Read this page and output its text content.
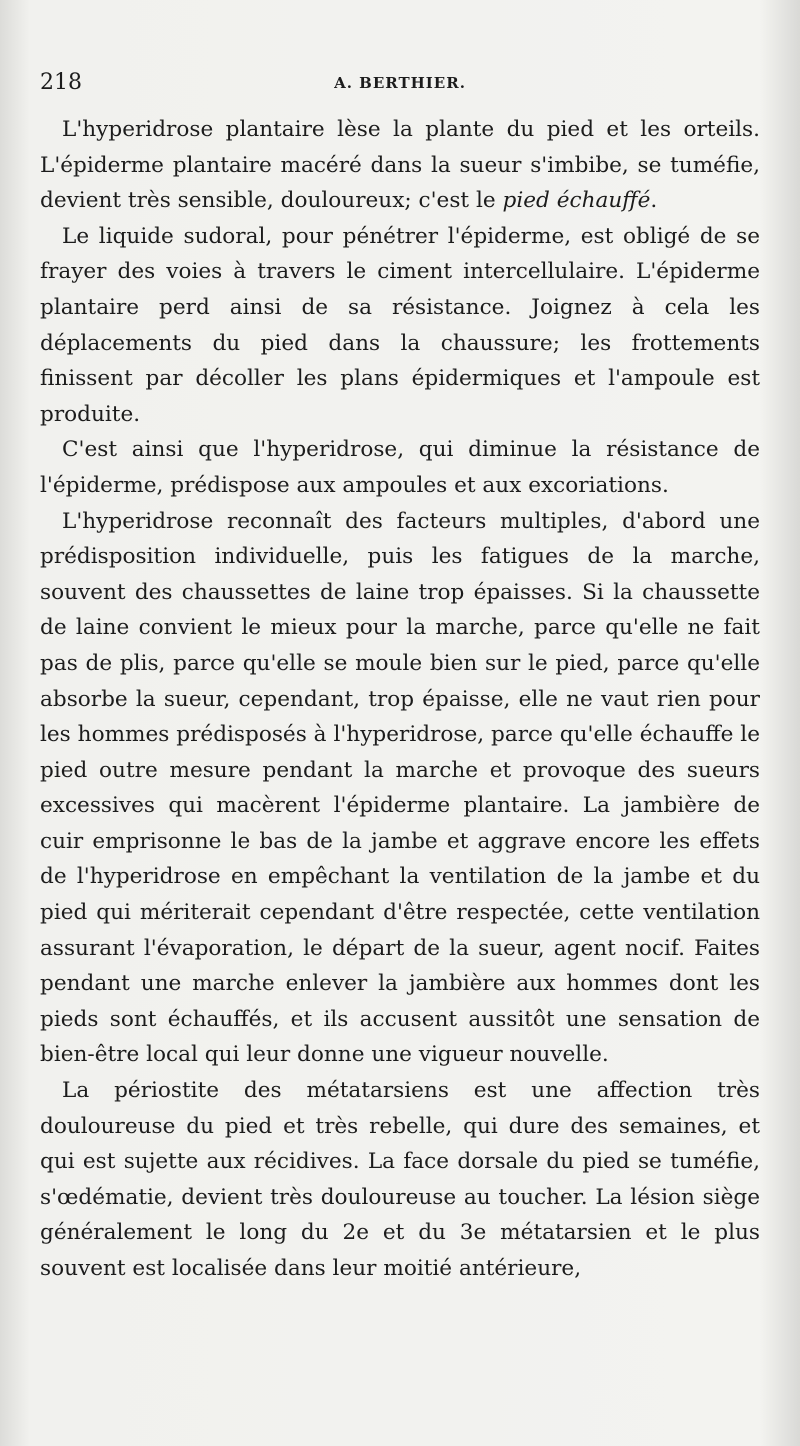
218	A. BERTHIER.

L'hyperidrose plantaire lèse la plante du pied et les orteils. L'épiderme plantaire macéré dans la sueur s'imbibe, se tuméfie, devient très sensible, douloureux; c'est le pied échauffé.

Le liquide sudoral, pour pénétrer l'épiderme, est obligé de se frayer des voies à travers le ciment intercellulaire. L'épiderme plantaire perd ainsi de sa résistance. Joignez à cela les déplacements du pied dans la chaussure; les frottements finissent par décoller les plans épidermiques et l'ampoule est produite.

C'est ainsi que l'hyperidrose, qui diminue la résistance de l'épiderme, prédispose aux ampoules et aux excoriations.

L'hyperidrose reconnaît des facteurs multiples, d'abord une prédisposition individuelle, puis les fatigues de la marche, souvent des chaussettes de laine trop épaisses. Si la chaussette de laine convient le mieux pour la marche, parce qu'elle ne fait pas de plis, parce qu'elle se moule bien sur le pied, parce qu'elle absorbe la sueur, cependant, trop épaisse, elle ne vaut rien pour les hommes prédisposés à l'hyperidrose, parce qu'elle échauffe le pied outre mesure pendant la marche et provoque des sueurs excessives qui macèrent l'épiderme plantaire. La jambière de cuir emprisonne le bas de la jambe et aggrave encore les effets de l'hyperidrose en empêchant la ventilation de la jambe et du pied qui mériterait cependant d'être respectée, cette ventilation assurant l'évaporation, le départ de la sueur, agent nocif. Faites pendant une marche enlever la jambière aux hommes dont les pieds sont échauffés, et ils accusent aussitôt une sensation de bien-être local qui leur donne une vigueur nouvelle.

La périostite des métatarsiens est une affection très douloureuse du pied et très rebelle, qui dure des semaines, et qui est sujette aux récidives. La face dorsale du pied se tuméfie, s'œdématie, devient très douloureuse au toucher. La lésion siège généralement le long du 2e et du 3e métatarsien et le plus souvent est localisée dans leur moitié antérieure,
